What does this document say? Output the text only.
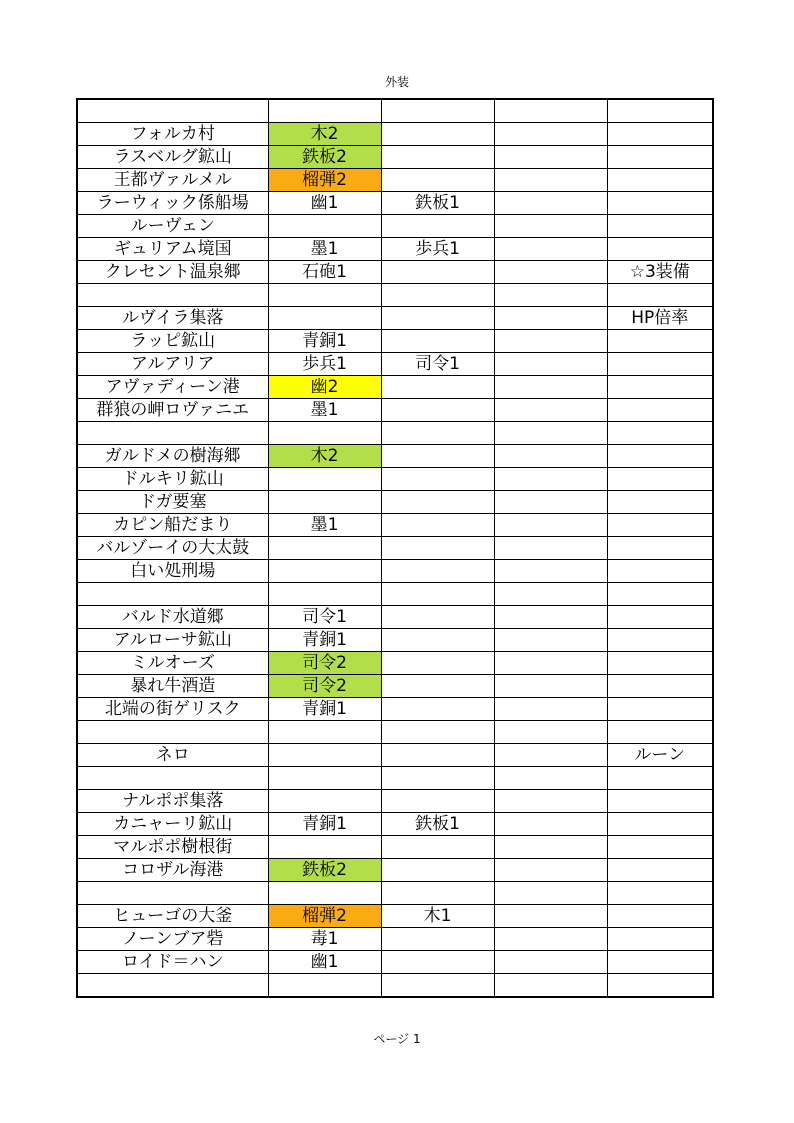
外装

フォルカ村	木2			
ラスベルグ鉱山	鉄板2			
王都ヴァルメル	榴弾2			
ラーウィック係船場	幽1	鉄板1		
ルーヴェン				
ギュリアム境国	墨1	歩兵1		
クレセント温泉郷	石砲1			☆3装備

ルヴイラ集落				HP倍率
ラッピ鉱山	青銅1			
アルアリア	歩兵1	司令1		
アヴァディーン港	幽2			
群狼の岬ロヴァニエ	墨1			

ガルドメの樹海郷	木2			
ドルキリ鉱山				
ドガ要塞				
カピン船だまり	墨1			
バルゾーイの大太鼓				
白い処刑場				

バルド水道郷	司令1			
アルローサ鉱山	青銅1			
ミルオーズ	司令2			
暴れ牛酒造	司令2			
北端の街ゲリスク	青銅1			

ネロ				ルーン

ナルポポ集落				
カニャーリ鉱山	青銅1	鉄板1		
マルポポ樹根街				
コロザル海港	鉄板2			

ヒューゴの大釜	榴弾2	木1		
ノーンブア砦	毒1			
ロイド＝ハン	幽1			

ページ 1
